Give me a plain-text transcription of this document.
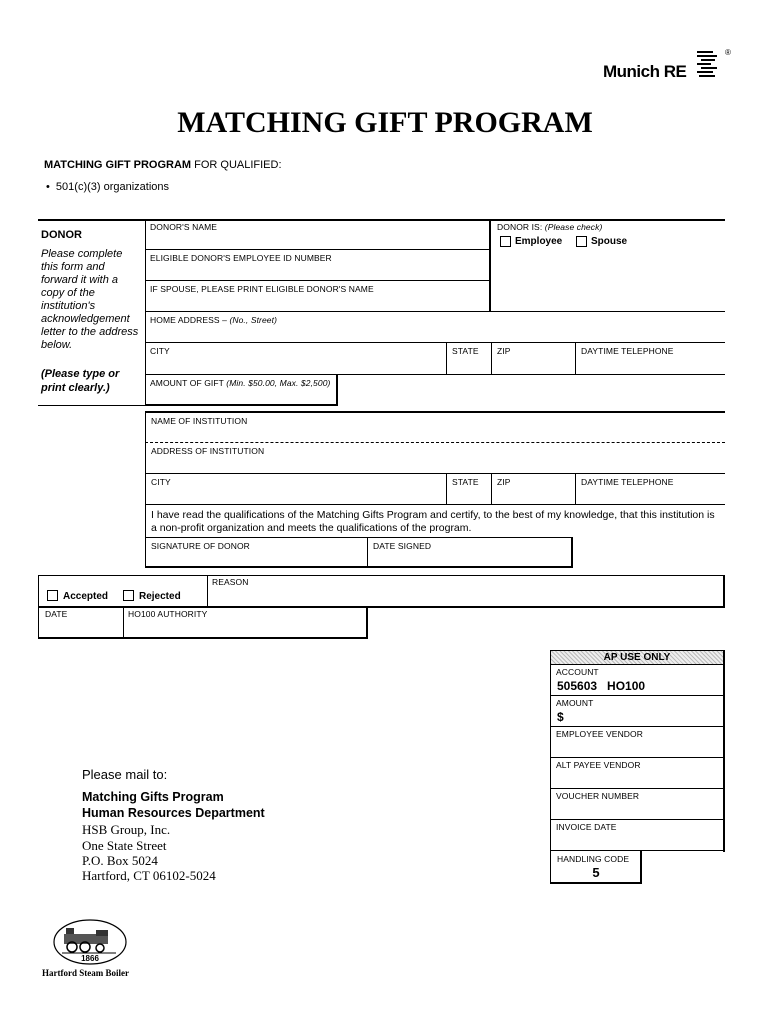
Munich RE
®
MATCHING GIFT PROGRAM
MATCHING GIFT PROGRAM FOR QUALIFIED:
• 501(c)(3) organizations
DONOR
Please complete this form and forward it with a copy of the institution's acknowledgement letter to the address below.
(Please type or print clearly.)
DONOR'S NAME	DONOR IS: (Please check)
Employee	Spouse
ELIGIBLE DONOR'S EMPLOYEE ID NUMBER
IF SPOUSE, PLEASE PRINT ELIGIBLE DONOR'S NAME
HOME ADDRESS – (No., Street)
CITY	STATE ZIP	DAYTIME TELEPHONE
AMOUNT OF GIFT (Min. $50.00, Max. $2,500)
NAME OF INSTITUTION
ADDRESS OF INSTITUTION
CITY	STATE ZIP	DAYTIME TELEPHONE
I have read the qualifications of the Matching Gifts Program and certify, to the best of my knowledge, that this institution is a non-profit organization and meets the qualifications of the program.
SIGNATURE OF DONOR	DATE SIGNED
REASON
Accepted	Rejected
DATE	HO100 AUTHORITY
AP USE ONLY
ACCOUNT
505603   HO100
AMOUNT
$
EMPLOYEE VENDOR
ALT PAYEE VENDOR
VOUCHER NUMBER
INVOICE DATE
HANDLING CODE
5
Please mail to:
Matching Gifts Program
Human Resources Department
HSB Group, Inc.
One State Street
P.O. Box 5024
Hartford, CT 06102-5024
1866
Hartford Steam Boiler
